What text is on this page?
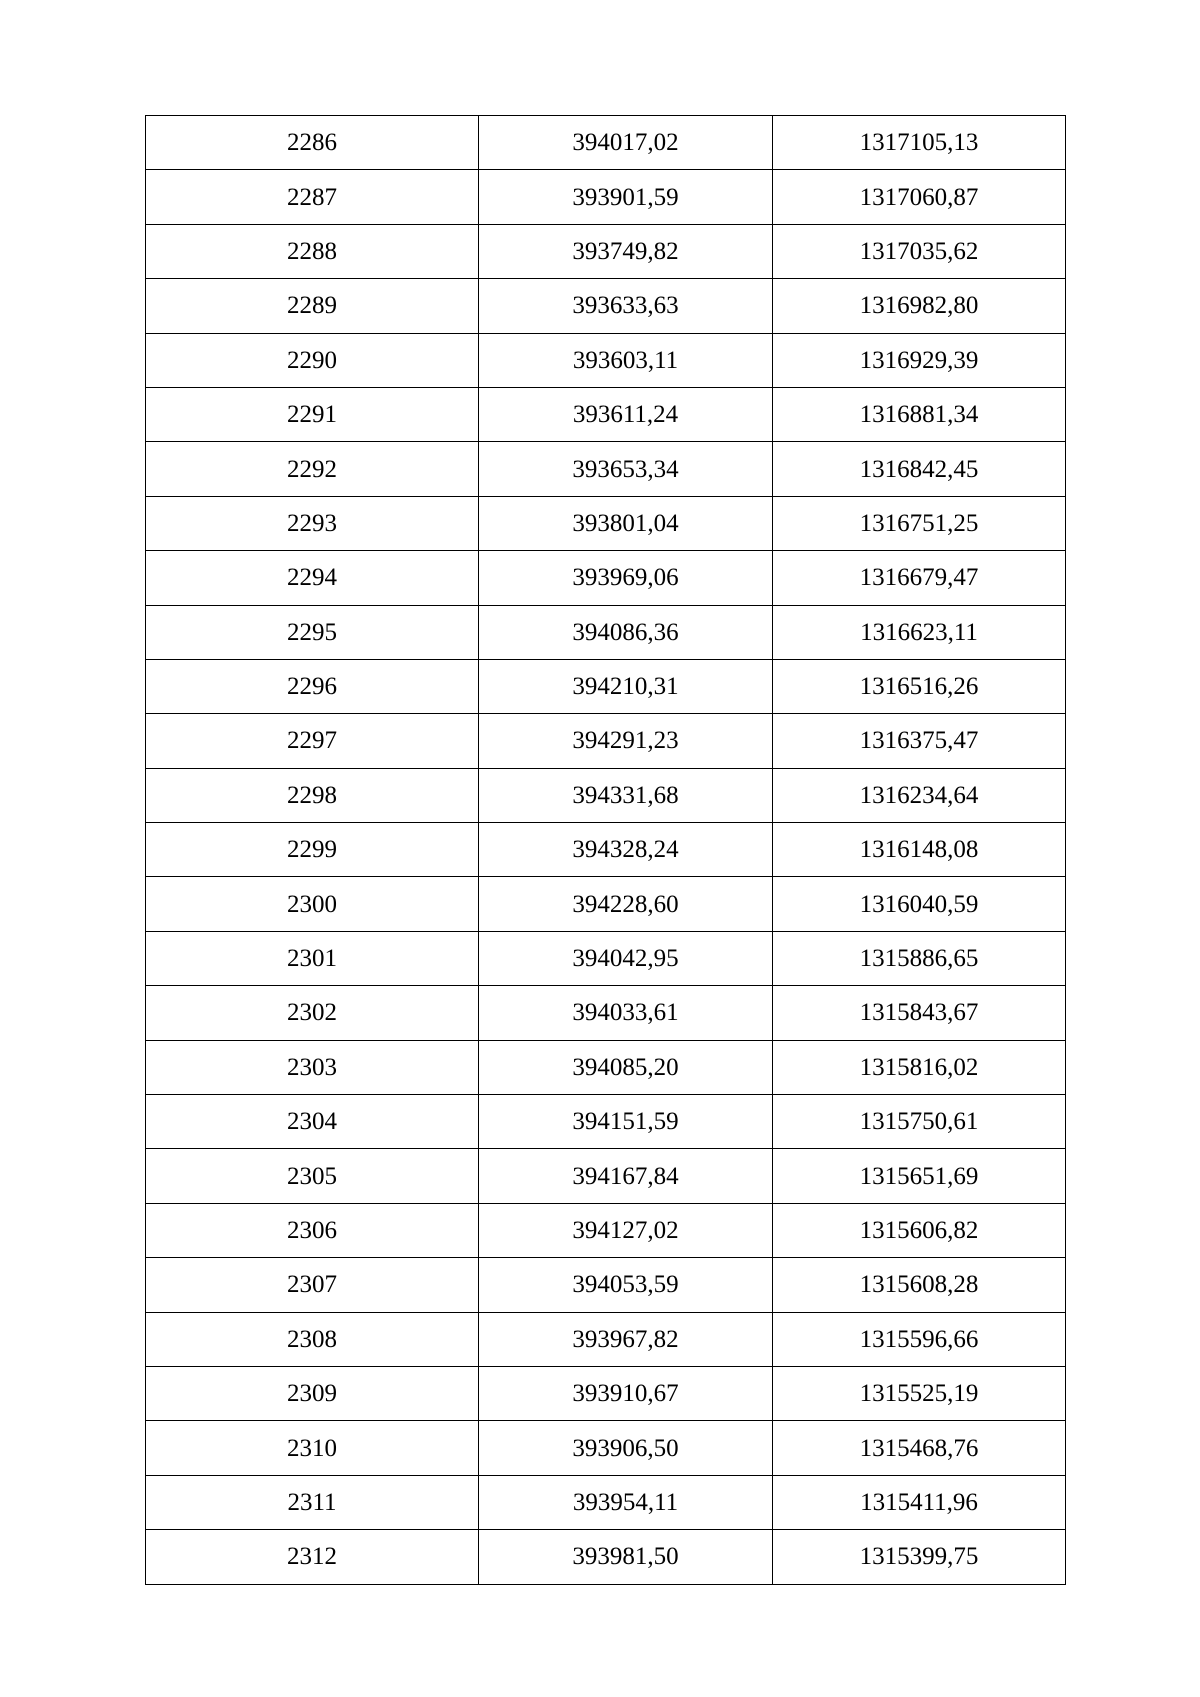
2286	394017,02	1317105,13
2287	393901,59	1317060,87
2288	393749,82	1317035,62
2289	393633,63	1316982,80
2290	393603,11	1316929,39
2291	393611,24	1316881,34
2292	393653,34	1316842,45
2293	393801,04	1316751,25
2294	393969,06	1316679,47
2295	394086,36	1316623,11
2296	394210,31	1316516,26
2297	394291,23	1316375,47
2298	394331,68	1316234,64
2299	394328,24	1316148,08
2300	394228,60	1316040,59
2301	394042,95	1315886,65
2302	394033,61	1315843,67
2303	394085,20	1315816,02
2304	394151,59	1315750,61
2305	394167,84	1315651,69
2306	394127,02	1315606,82
2307	394053,59	1315608,28
2308	393967,82	1315596,66
2309	393910,67	1315525,19
2310	393906,50	1315468,76
2311	393954,11	1315411,96
2312	393981,50	1315399,75
